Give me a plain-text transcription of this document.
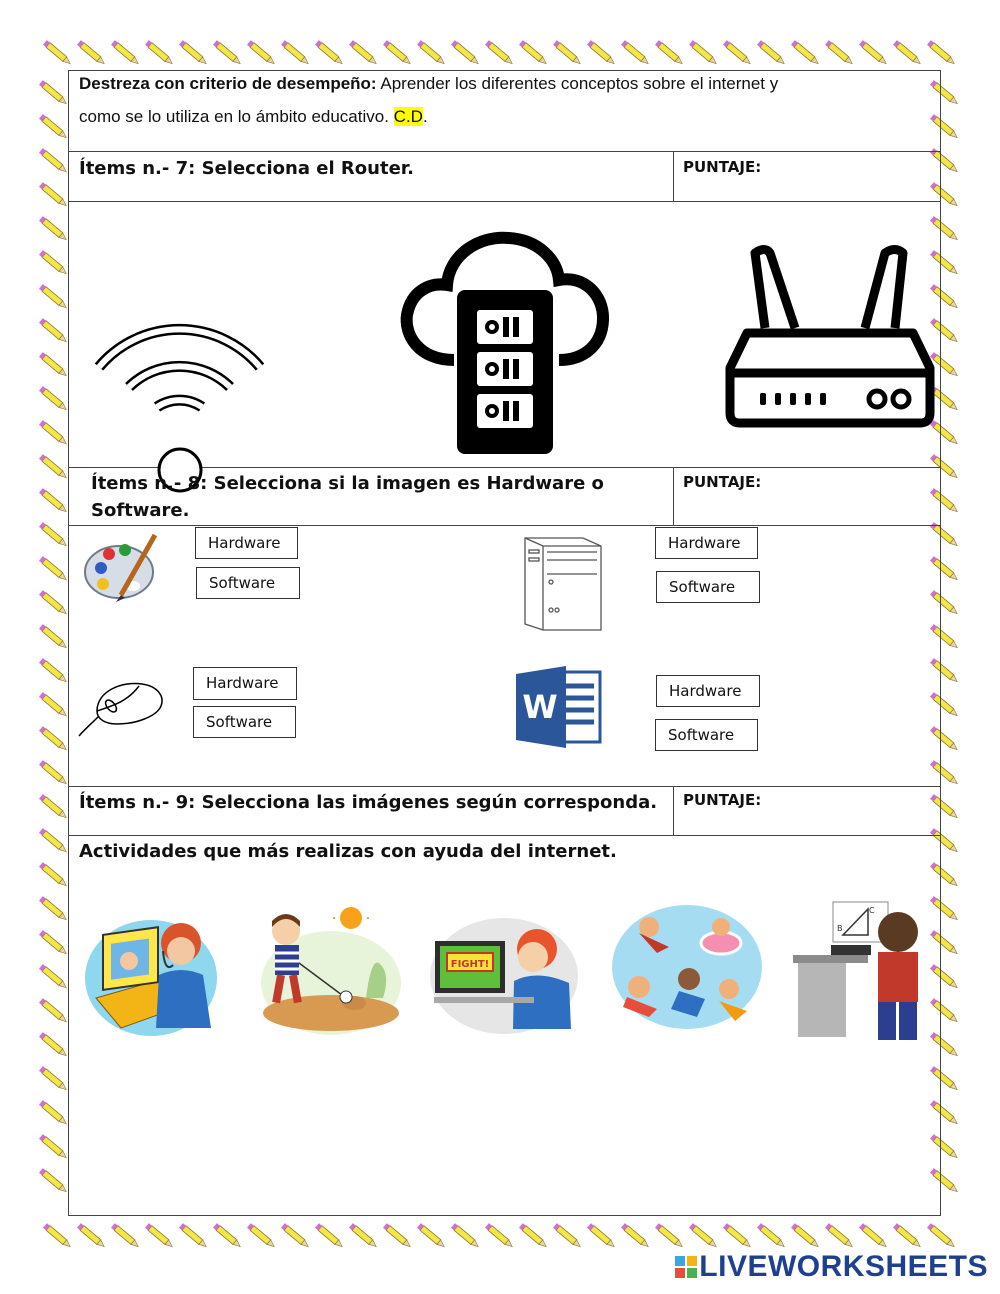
Destreza con criterio de desempeño: Aprender los diferentes conceptos sobre el internet y
como se lo utiliza en lo ámbito educativo. C.D.
Ítems n.- 7: Selecciona el Router.	PUNTAJE:
Ítems n.- 8: Selecciona si la imagen es Hardware o
Software.
PUNTAJE:
Hardware
Software
Hardware
Software
Hardware
Software	W	Hardware
Software
Ítems n.- 9: Selecciona las imágenes según corresponda. PUNTAJE:
Actividades que más realizas con ayuda del internet.
FIGHT!
B
C
LIVEWORKSHEETS
